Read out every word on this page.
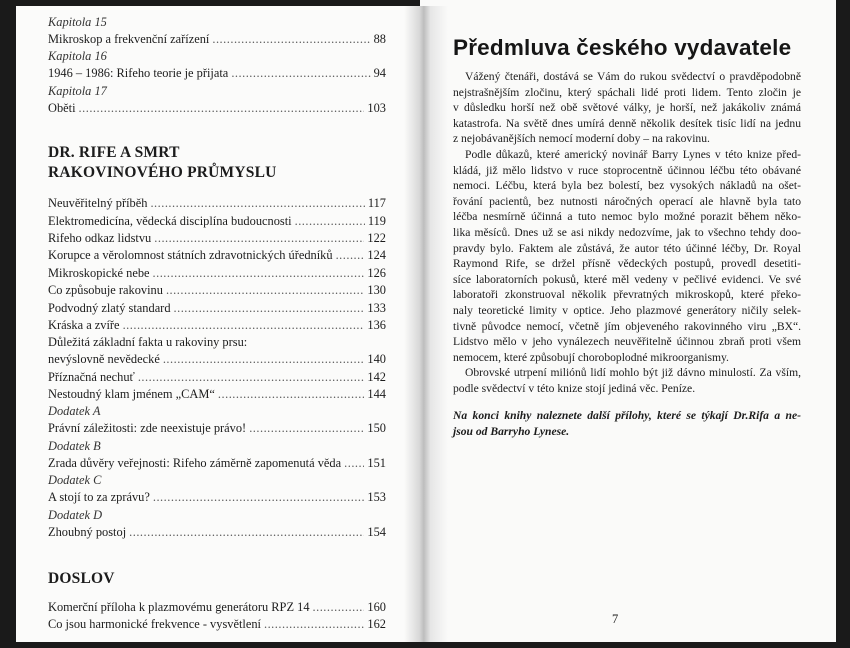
Kapitola 15
Mikroskop a frekvenční zařízení .....	88
Kapitola 16
1946 – 1986: Rifeho teorie je přijata .....	94
Kapitola 17
Oběti .....	103
DR. RIFE A SMRT
RAKOVINOVÉHO PRŮMYSLU
Neuvěřitelný příběh .....	117
Elektromedicína, vědecká disciplína budoucnosti .....	119
Rifeho odkaz lidstvu .....	122
Korupce a věrolomnost státních zdravotnických úředníků .....	124
Mikroskopické nebe .....	126
Co způsobuje rakovinu .....	130
Podvodný zlatý standard .....	133
Kráska a zvíře .....	136
Důležitá základní fakta u rakoviny prsu:
nevýslovně nevědecké .....	140
Příznačná nechuť .....	142
Nestoudný klam jménem „CAM“ .....	144
Dodatek A
Právní záležitosti: zde neexistuje právo! .....	150
Dodatek B
Zrada důvěry veřejnosti: Rifeho záměrně zapomenutá věda ..... 151
Dodatek C
A stojí to za zprávu? .....	153
Dodatek D
Zhoubný postoj .....	154
DOSLOV
Komerční příloha k plazmovému generátoru RPZ 14 .....	160
Co jsou harmonické frekvence - vysvětlení .....	162
Předmluva českého vydavatele
Vážený čtenáři, dostává se Vám do rukou svědectví o pravděpodobně
nejstrašnějším zločinu, který spáchali lidé proti lidem. Tento zločin je
v důsledku horší než obě světové války, je horší, než jakákoliv známá
katastrofa. Na světě dnes umírá denně několik desítek tisíc lidí na jednu
z nejobávanějších nemocí moderní doby – na rakovinu.
Podle důkazů, které americký novinář Barry Lynes v této knize před-
kládá, již mělo lidstvo v ruce stoprocentně účinnou léčbu této obávané
nemoci. Léčbu, která byla bez bolestí, bez vysokých nákladů na ošet-
řování pacientů, bez nutnosti náročných operací ale hlavně byla tato
léčba nesmírně účinná a tuto nemoc bylo možné porazit během něko-
lika měsíců. Dnes už se asi nikdy nedozvíme, jak to všechno tehdy doo-
pravdy bylo. Faktem ale zůstává, že autor této účinné léčby, Dr. Royal
Raymond Rife, se držel přísně vědeckých postupů, provedl desetiti-
síce laboratorních pokusů, které měl vedeny v pečlivé evidenci. Ve své
laboratoři zkonstruoval několik převratných mikroskopů, které překo-
naly teoretické limity v optice. Jeho plazmové generátory ničily selek-
tivně původce nemocí, včetně jím objeveného rakovinného viru „BX“.
Lidstvo mělo v jeho vynálezech neuvěřitelně účinnou zbraň proti všem
nemocem, které způsobují choroboplodné mikroorganismy.
Obrovské utrpení miliónů lidí mohlo být již dávno minulostí. Za vším,
podle svědectví v této knize stojí jediná věc. Peníze.
Na konci knihy naleznete další přílohy, které se týkají Dr.Rifa a ne-
jsou od Barryho Lynese.
7
